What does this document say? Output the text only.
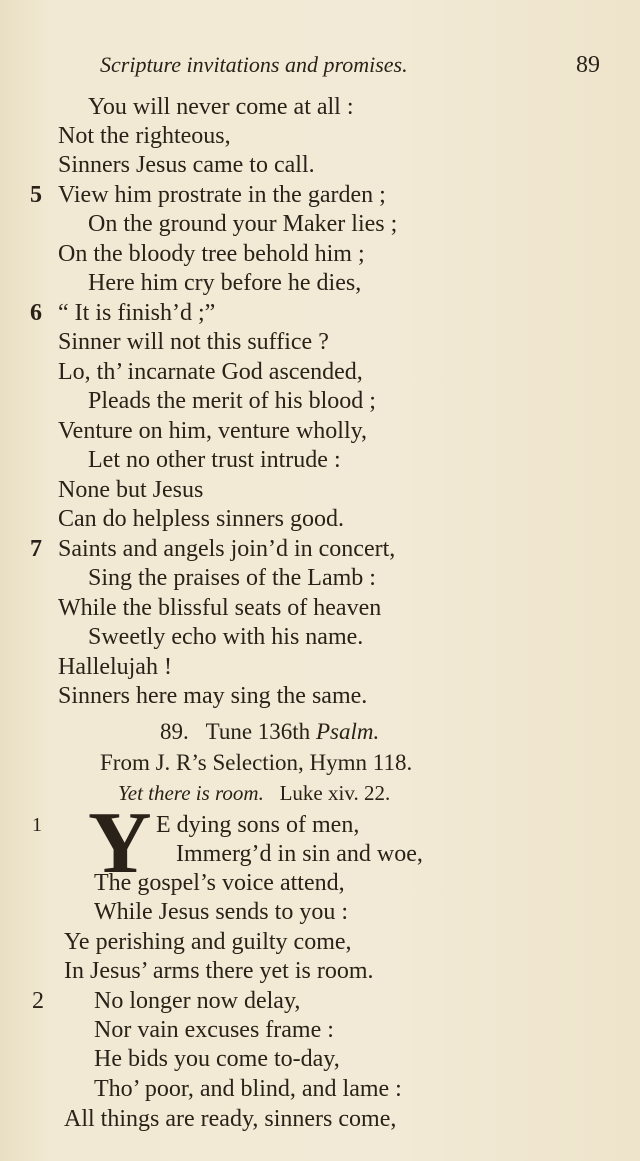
Scripture invitations and promises.	89
You will never come at all :
Not the righteous,
Sinners Jesus came to call.
5 View him prostrate in the garden ;
On the ground your Maker lies ;
On the bloody tree behold him ;
Here him cry before he dies,
6 “ It is finish’d ;”
Sinner will not this suffice ?
Lo, th’ incarnate God ascended,
Pleads the merit of his blood ;
Venture on him, venture wholly,
Let no other trust intrude :
None but Jesus
Can do helpless sinners good.
7 Saints and angels join’d in concert,
Sing the praises of the Lamb :
While the blissful seats of heaven
Sweetly echo with his name.
Hallelujah !
Sinners here may sing the same.
89. Tune 136th Psalm.
From J. R’s Selection, Hymn 118.
Yet there is room. Luke xiv. 22.
1 Y E dying sons of men,
Immerg’d in sin and woe,
The gospel’s voice attend,
While Jesus sends to you :
Ye perishing and guilty come,
In Jesus’ arms there yet is room.
2 No longer now delay,
Nor vain excuses frame :
He bids you come to-day,
Tho’ poor, and blind, and lame :
All things are ready, sinners come,
